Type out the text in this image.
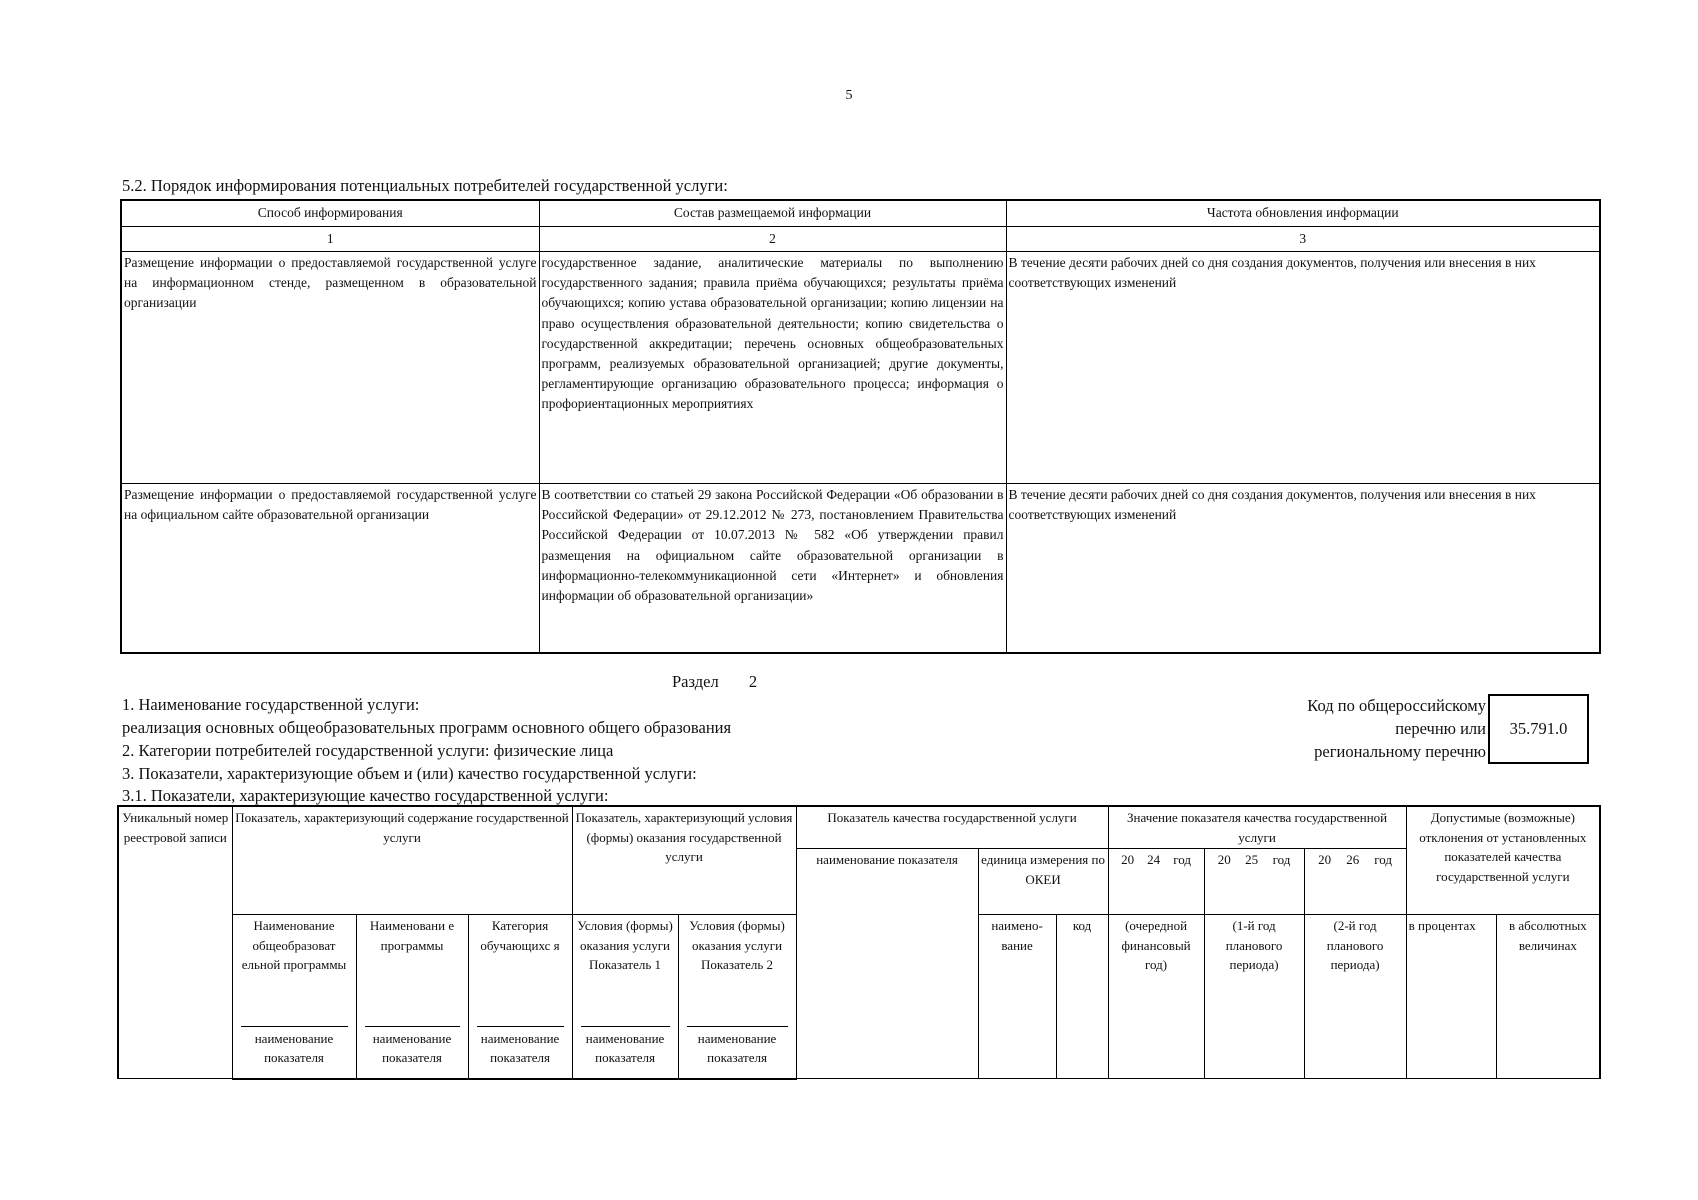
5
5.2. Порядок информирования потенциальных потребителей государственной услуги:
Способ информирования	Состав размещаемой информации	Частота обновления информации
1	2	3
Размещение информации о предоставляемой государственной услуге на информационном стенде, размещенном в образовательной организации	государственное задание, аналитические материалы по выполнению государственного задания; правила приёма обучающихся; результаты приёма обучающихся; копию устава образовательной организации; копию лицензии на право осуществления образовательной деятельности; копию свидетельства о государственной аккредитации; перечень основных общеобразовательных программ, реализуемых образовательной организацией; другие документы, регламентирующие организацию образовательного процесса; информация о профориентационных мероприятиях	В течение десяти рабочих дней со дня создания документов, получения или внесения в них соответствующих изменений
Размещение информации о предоставляемой государственной услуге на официальном сайте образовательной организации	В соответствии со статьей 29 закона Российской Федерации «Об образовании в Российской Федерации» от 29.12.2012 № 273, постановлением Правительства Российской Федерации от 10.07.2013 № 582 «Об утверждении правил размещения на официальном сайте образовательной организации в информационно-телекоммуникационной сети «Интернет» и обновления информации об образовательной организации»	В течение десяти рабочих дней со дня создания документов, получения или внесения в них соответствующих изменений
Раздел 2
1. Наименование государственной услуги:
реализация основных общеобразовательных программ основного общего образования
2. Категории потребителей государственной услуги: физические лица
3. Показатели, характеризующие объем и (или) качество государственной услуги:
3.1. Показатели, характеризующие качество государственной услуги:
Код по общероссийскому
перечню или
региональному перечню
35.791.0
Уникальный номер реестровой записи	Показатель, характеризующий содержание государственной услуги			Показатель, характеризующий условия (формы) оказания государственной услуги		Показатель качества государственной услуги			Значение показателя качества государственной услуги			Допустимые (возможные) отклонения от установленных показателей качества государственной услуги	
						наименование показателя	единица измерения по ОКЕИ		20 24 год	20 25 год	20 26 год		

	Наименование общеобразоват ельной программы	Наименовани е программы	Категория обучающихс я	Условия (формы) оказания услуги Показатель 1	Условия (формы) оказания услуги Показатель 2		наимено-вание	код	(очередной финансовый год)	(1-й год планового периода)	(2-й год планового периода)	в процентах	в абсолютных величинах

	наименование показателя	наименование показателя	наименование показателя	наименование показателя	наименование показателя								
